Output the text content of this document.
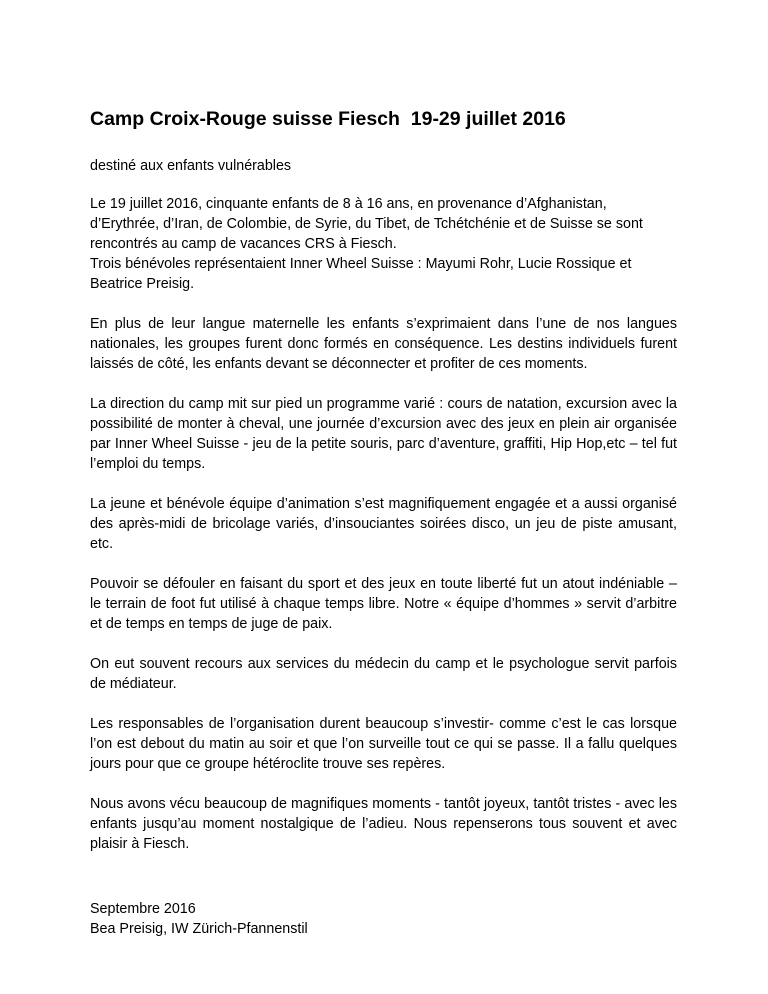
Camp Croix-Rouge suisse Fiesch  19-29 juillet 2016
destiné aux enfants vulnérables
Le 19 juillet 2016, cinquante enfants de 8 à 16 ans, en provenance d’Afghanistan, d’Erythrée, d’Iran, de Colombie, de Syrie, du Tibet, de Tchétchénie et de Suisse se sont rencontrés au camp de vacances CRS à Fiesch.
Trois bénévoles représentaient Inner Wheel Suisse : Mayumi Rohr, Lucie Rossique et Beatrice Preisig.

En plus de leur langue maternelle les enfants s’exprimaient dans l’une de nos langues nationales, les groupes furent donc formés en conséquence. Les destins individuels furent laissés de côté, les enfants devant se déconnecter et profiter de ces moments.

La direction du camp mit sur pied un programme varié : cours de natation, excursion avec la possibilité de monter à cheval, une journée d’excursion avec des jeux en plein air organisée par Inner Wheel Suisse - jeu de la petite souris, parc d’aventure, graffiti, Hip Hop,etc – tel fut l’emploi du temps.

La jeune et bénévole équipe d’animation s’est magnifiquement engagée et a aussi organisé des après-midi de bricolage variés, d’insouciantes soirées disco, un jeu de piste amusant, etc.

Pouvoir se défouler en faisant du sport et des jeux en toute liberté fut un atout indéniable – le terrain de foot fut utilisé à chaque temps libre. Notre « équipe d’hommes » servit d’arbitre et de temps en temps de juge de paix.

On eut souvent recours aux services du médecin du camp et le psychologue servit parfois de médiateur.

Les responsables de l’organisation durent beaucoup s’investir- comme c’est le cas lorsque l’on est debout du matin au soir et que l’on surveille tout ce qui se passe. Il a fallu quelques jours pour que ce groupe hétéroclite trouve ses repères.

Nous avons vécu beaucoup de magnifiques moments - tantôt joyeux, tantôt tristes - avec les enfants jusqu’au moment nostalgique de l’adieu. Nous repenserons tous souvent et avec plaisir à Fiesch.

Septembre 2016
Bea Preisig, IW Zürich-Pfannenstil
